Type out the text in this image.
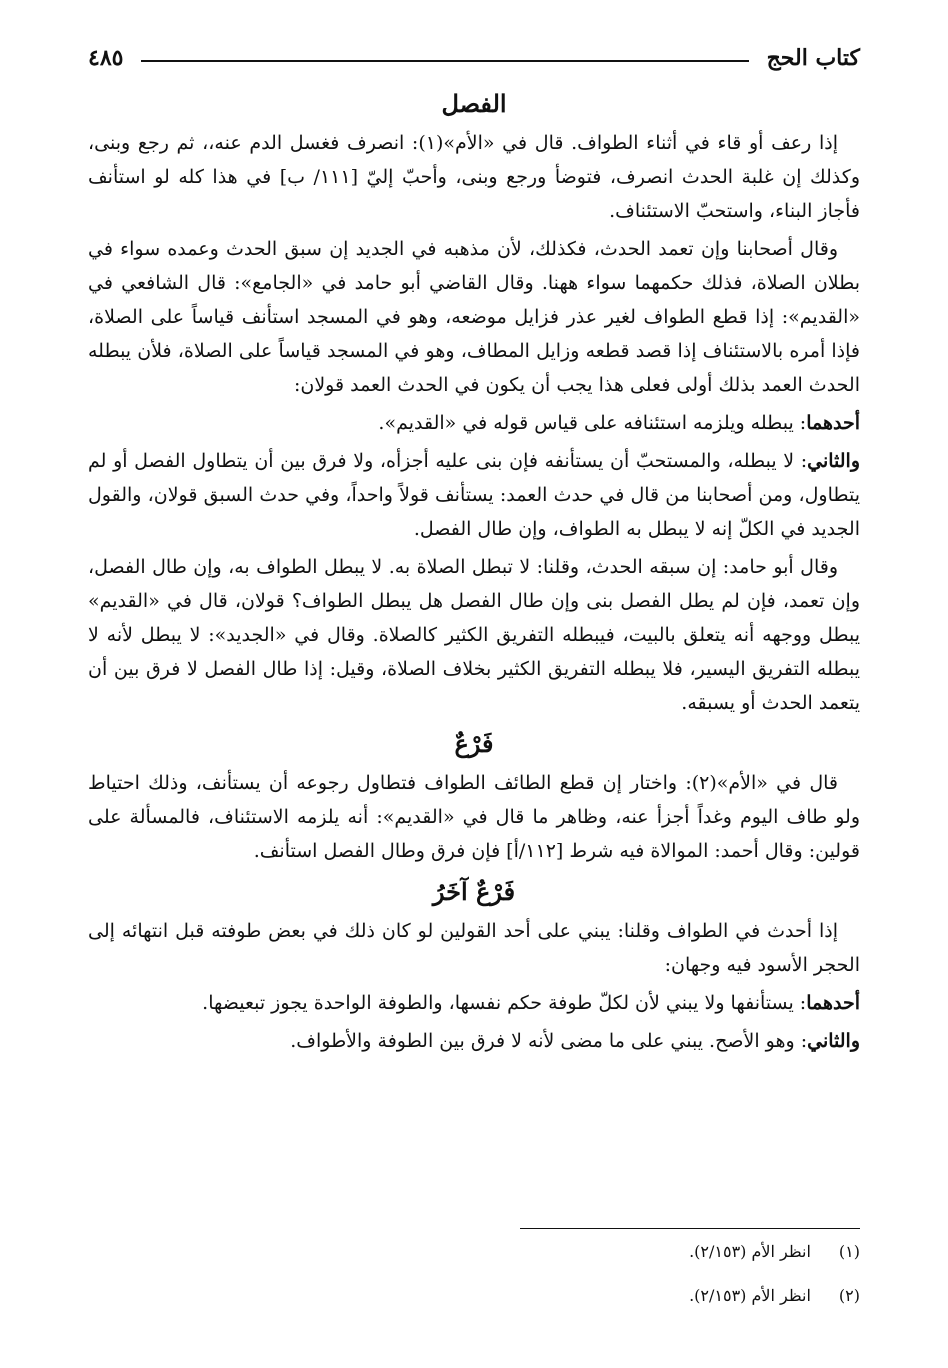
كتاب الحج
٤٨٥
الفصل

إذا رعف أو قاء في أثناء الطواف. قال في «الأم»(١): انصرف فغسل الدم عنه،، ثم رجع وبنى، وكذلك إن غلبة الحدث انصرف، فتوضأ ورجع وبنى، وأحبّ إليّ [١١١/ ب] في هذا كله لو استأنف فأجاز البناء، واستحبّ الاستئناف.

وقال أصحابنا وإن تعمد الحدث، فكذلك، لأن مذهبه في الجديد إن سبق الحدث وعمده سواء في بطلان الصلاة، فذلك حكمهما سواء ههنا. وقال القاضي أبو حامد في «الجامع»: قال الشافعي في «القديم»: إذا قطع الطواف لغير عذر فزايل موضعه، وهو في المسجد استأنف قياساً على الصلاة، فإذا أمره بالاستئناف إذا قصد قطعه وزايل المطاف، وهو في المسجد قياساً على الصلاة، فلأن يبطله الحدث العمد بذلك أولى فعلى هذا يجب أن يكون في الحدث العمد قولان:

أحدهما: يبطله ويلزمه استئنافه على قياس قوله في «القديم».

والثاني: لا يبطله، والمستحبّ أن يستأنفه فإن بنى عليه أجزأه، ولا فرق بين أن يتطاول الفصل أو لم يتطاول، ومن أصحابنا من قال في حدث العمد: يستأنف قولاً واحداً، وفي حدث السبق قولان، والقول الجديد في الكلّ إنه لا يبطل به الطواف، وإن طال الفصل.

وقال أبو حامد: إن سبقه الحدث، وقلنا: لا تبطل الصلاة به. لا يبطل الطواف به، وإن طال الفصل، وإن تعمد، فإن لم يطل الفصل بنى وإن طال الفصل هل يبطل الطواف؟ قولان، قال في «القديم» يبطل ووجهه أنه يتعلق بالبيت، فيبطله التفريق الكثير كالصلاة. وقال في «الجديد»: لا يبطل لأنه لا يبطله التفريق اليسير، فلا يبطله التفريق الكثير بخلاف الصلاة، وقيل: إذا طال الفصل لا فرق بين أن يتعمد الحدث أو يسبقه.

فَرْعٌ

قال في «الأم»(٢): واختار إن قطع الطائف الطواف فتطاول رجوعه أن يستأنف، وذلك احتياط ولو طاف اليوم وغداً أجزأ عنه، وظاهر ما قال في «القديم»: أنه يلزمه الاستئناف، فالمسألة على قولين: وقال أحمد: الموالاة فيه شرط [١١٢/أ] فإن فرق وطال الفصل استأنف.

فَرْعٌ آخَرُ

إذا أحدث في الطواف وقلنا: يبني على أحد القولين لو كان ذلك في بعض طوفته قبل انتهائه إلى الحجر الأسود فيه وجهان:

أحدهما: يستأنفها ولا يبني لأن لكلّ طوفة حكم نفسها، والطوفة الواحدة يجوز تبعيضها.

والثاني: وهو الأصح. يبني على ما مضى لأنه لا فرق بين الطوفة والأطواف.

(١) انظر الأم (٢/١٥٣).
(٢) انظر الأم (٢/١٥٣).
